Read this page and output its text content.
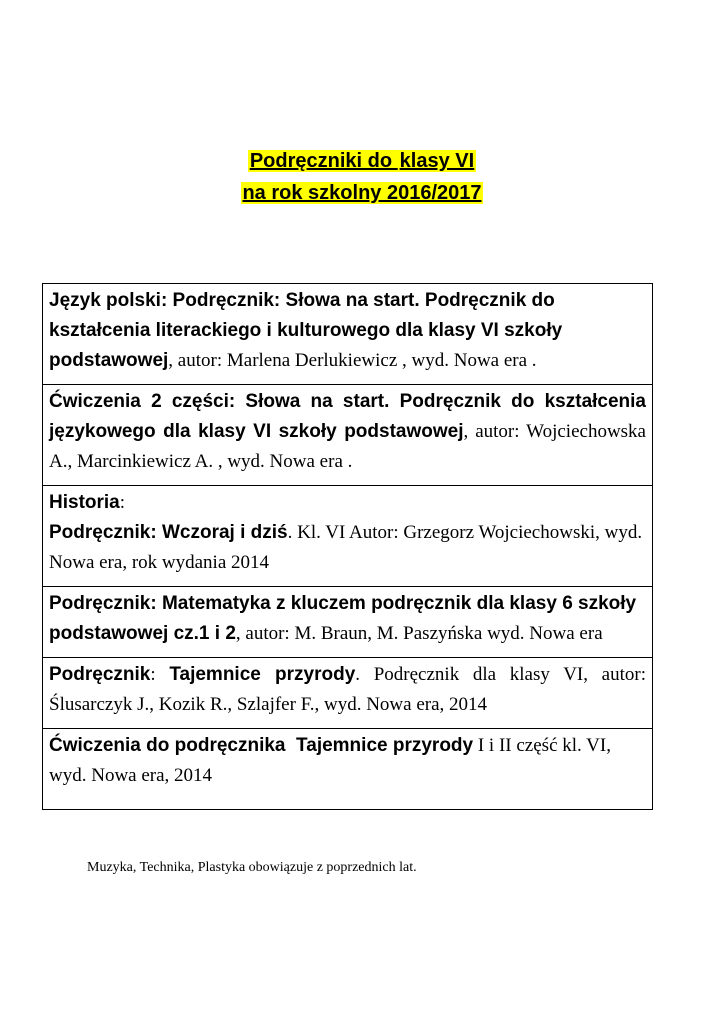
Podręczniki do klasy VI
na rok szkolny 2016/2017
Język polski: Podręcznik: Słowa na start. Podręcznik do kształcenia literackiego i kulturowego dla klasy VI szkoły podstawowej, autor: Marlena Derlukiewicz , wyd. Nowa era .
Ćwiczenia 2 części: Słowa na start. Podręcznik do kształcenia językowego dla klasy VI szkoły podstawowej, autor: Wojciechowska A., Marcinkiewicz A. , wyd. Nowa era .
Historia:
Podręcznik: Wczoraj i dziś. Kl. VI Autor: Grzegorz Wojciechowski, wyd. Nowa era, rok wydania 2014
Podręcznik: Matematyka z kluczem podręcznik dla klasy 6 szkoły podstawowej cz.1 i 2, autor: M. Braun, M. Paszyńska wyd. Nowa era
Podręcznik: Tajemnice przyrody. Podręcznik dla klasy VI, autor: Ślusarczyk J., Kozik R., Szlajfer F., wyd. Nowa era, 2014
Ćwiczenia do podręcznika  Tajemnice przyrody I i II część kl. VI, wyd. Nowa era, 2014

Muzyka, Technika, Plastyka obowiązuje z poprzednich lat.
